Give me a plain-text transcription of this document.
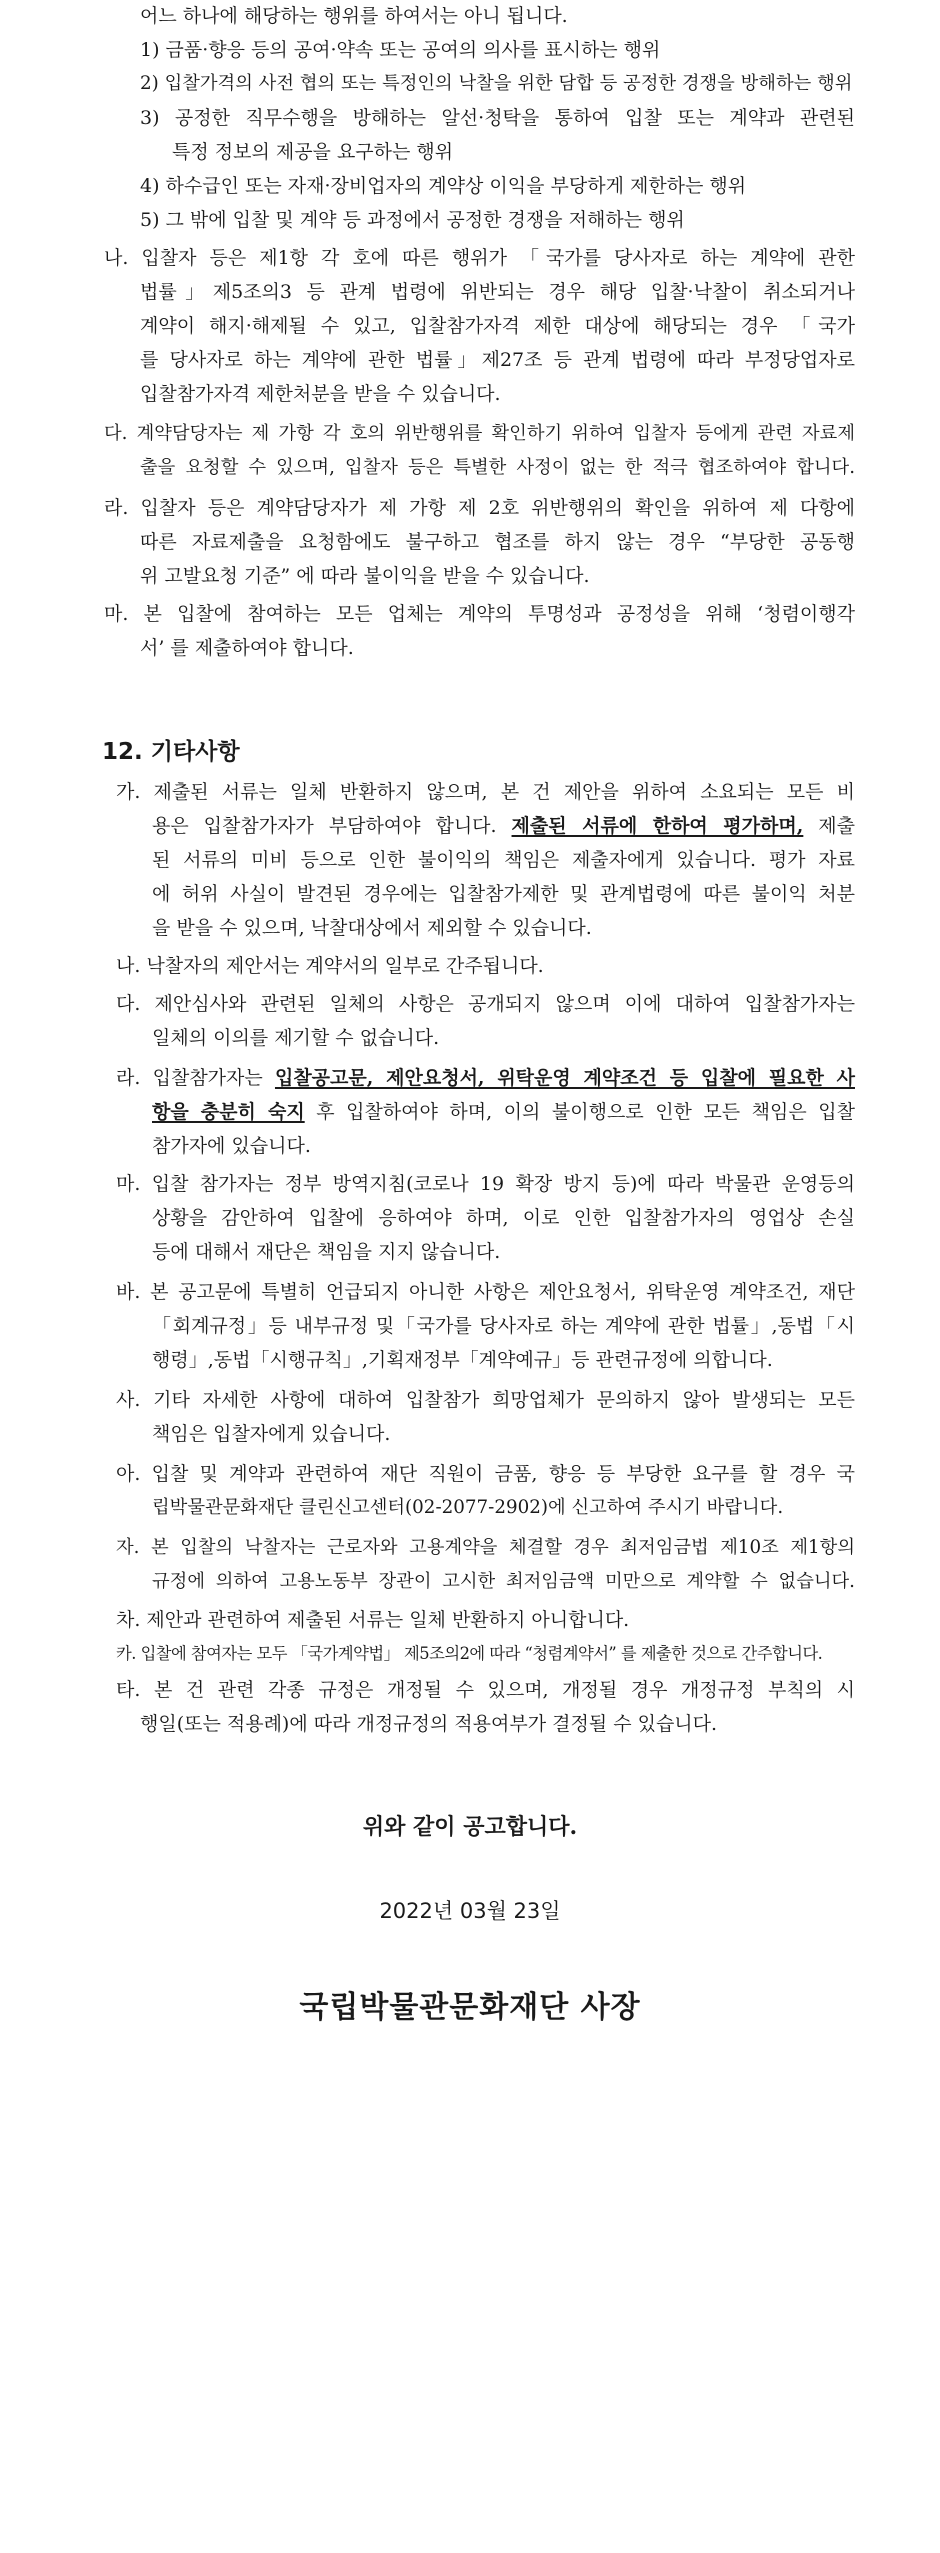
어느 하나에 해당하는 행위를 하여서는 아니 됩니다.
1) 금품·향응 등의 공여·약속 또는 공여의 의사를 표시하는 행위
2) 입찰가격의 사전 협의 또는 특정인의 낙찰을 위한 담합 등 공정한 경쟁을 방해하는 행위
3) 공정한 직무수행을 방해하는 알선·청탁을 통하여 입찰 또는 계약과 관련된
특정 정보의 제공을 요구하는 행위
4) 하수급인 또는 자재·장비업자의 계약상 이익을 부당하게 제한하는 행위
5) 그 밖에 입찰 및 계약 등 과정에서 공정한 경쟁을 저해하는 행위
나. 입찰자 등은 제1항 각 호에 따른 행위가 「국가를 당사자로 하는 계약에 관한
법률」제5조의3 등 관계 법령에 위반되는 경우 해당 입찰·낙찰이 취소되거나
계약이 해지·해제될 수 있고, 입찰참가자격 제한 대상에 해당되는 경우 「국가
를 당사자로 하는 계약에 관한 법률」제27조 등 관계 법령에 따라 부정당업자로
입찰참가자격 제한처분을 받을 수 있습니다.
다. 계약담당자는 제 가항 각 호의 위반행위를 확인하기 위하여 입찰자 등에게 관련 자료제
출을 요청할 수 있으며, 입찰자 등은 특별한 사정이 없는 한 적극 협조하여야 합니다.
라. 입찰자 등은 계약담당자가 제 가항 제 2호 위반행위의 확인을 위하여 제 다항에
따른 자료제출을 요청함에도 불구하고 협조를 하지 않는 경우 “부당한 공동행
위 고발요청 기준” 에 따라 불이익을 받을 수 있습니다.
마. 본 입찰에 참여하는 모든 업체는 계약의 투명성과 공정성을 위해 ‘청렴이행각
서’ 를 제출하여야 합니다.
12. 기타사항
가. 제출된 서류는 일체 반환하지 않으며, 본 건 제안을 위하여 소요되는 모든 비
용은 입찰참가자가 부담하여야 합니다. 제출된 서류에 한하여 평가하며, 제출
된 서류의 미비 등으로 인한 불이익의 책임은 제출자에게 있습니다. 평가 자료
에 허위 사실이 발견된 경우에는 입찰참가제한 및 관계법령에 따른 불이익 처분
을 받을 수 있으며, 낙찰대상에서 제외할 수 있습니다.
나. 낙찰자의 제안서는 계약서의 일부로 간주됩니다.
다. 제안심사와 관련된 일체의 사항은 공개되지 않으며 이에 대하여 입찰참가자는
일체의 이의를 제기할 수 없습니다.
라. 입찰참가자는 입찰공고문, 제안요청서, 위탁운영 계약조건 등 입찰에 필요한 사
항을 충분히 숙지 후 입찰하여야 하며, 이의 불이행으로 인한 모든 책임은 입찰
참가자에 있습니다.
마. 입찰 참가자는 정부 방역지침(코로나 19 확장 방지 등)에 따라 박물관 운영등의
상황을 감안하여 입찰에 응하여야 하며, 이로 인한 입찰참가자의 영업상 손실
등에 대해서 재단은 책임을 지지 않습니다.
바. 본 공고문에 특별히 언급되지 아니한 사항은 제안요청서, 위탁운영 계약조건, 재단
「회계규정」등 내부규정 및「국가를 당사자로 하는 계약에 관한 법률」,동법「시
행령」,동법「시행규칙」,기획재정부「계약예규」등 관련규정에 의합니다.
사. 기타 자세한 사항에 대하여 입찰참가 희망업체가 문의하지 않아 발생되는 모든
책임은 입찰자에게 있습니다.
아. 입찰 및 계약과 관련하여 재단 직원이 금품, 향응 등 부당한 요구를 할 경우 국
립박물관문화재단 클린신고센터(02-2077-2902)에 신고하여 주시기 바랍니다.
자. 본 입찰의 낙찰자는 근로자와 고용계약을 체결할 경우 최저임금법 제10조 제1항의
규정에 의하여 고용노동부 장관이 고시한 최저임금액 미만으로 계약할 수 없습니다.
차. 제안과 관련하여 제출된 서류는 일체 반환하지 아니합니다.
카. 입찰에 참여자는 모두 「국가계약법」 제5조의2에 따라 “청렴계약서” 를 제출한 것으로 간주합니다.
타. 본 건 관련 각종 규정은 개정될 수 있으며, 개정될 경우 개정규정 부칙의 시
행일(또는 적용례)에 따라 개정규정의 적용여부가 결정될 수 있습니다.
위와 같이 공고합니다.
2022년 03월 23일
국립박물관문화재단 사장
